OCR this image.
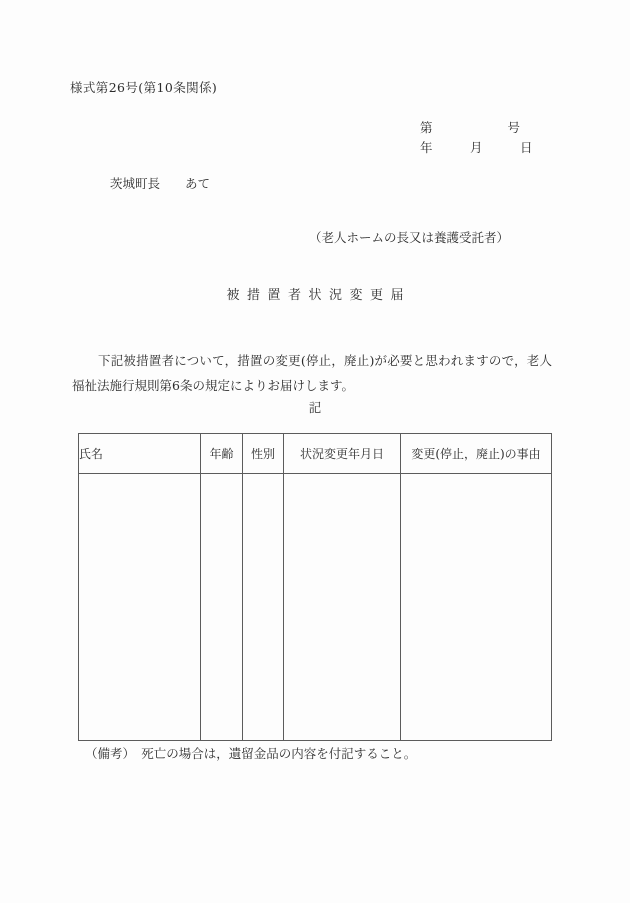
様式第26号(第10条関係)
第　　　　　　号
年　　　月　　　日
茨城町長　　あて
（老人ホームの長又は養護受託者）
被措置者状況変更届
下記被措置者について，措置の変更(停止，廃止)が必要と思われますので，老人福祉法施行規則第6条の規定によりお届けします。
記
氏名	年齢	性別	状況変更年月日	変更(停止，廃止)の事由

（備考）　死亡の場合は，遺留金品の内容を付記すること。
